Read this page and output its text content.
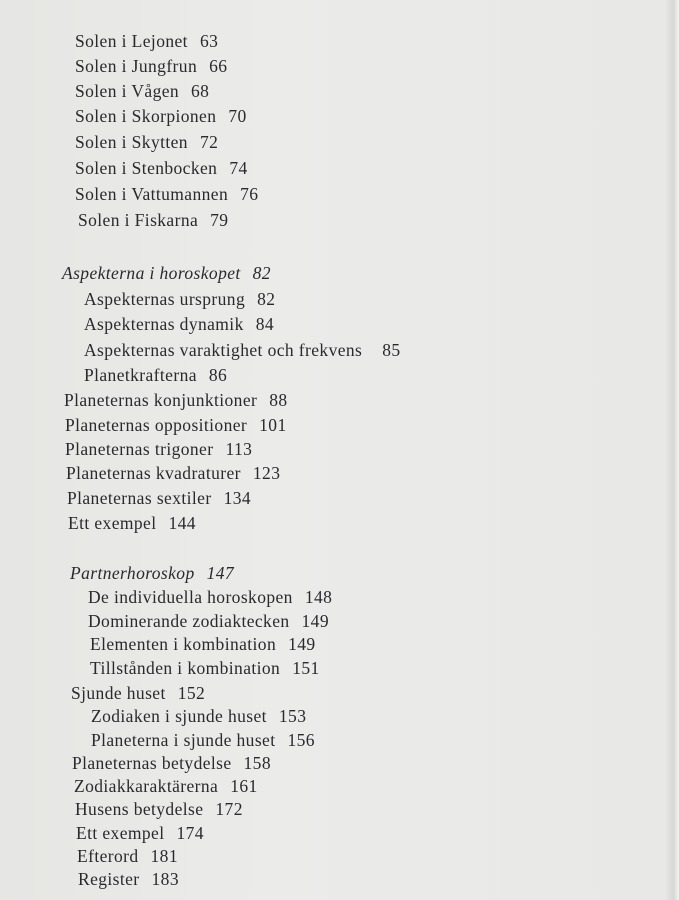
Solen i Lejonet 63
Solen i Jungfrun 66
Solen i Vågen 68
Solen i Skorpionen 70
Solen i Skytten 72
Solen i Stenbocken 74
Solen i Vattumannen 76
Solen i Fiskarna 79
Aspekterna i horoskopet 82
Aspekternas ursprung 82
Aspekternas dynamik 84
Aspekternas varaktighet och frekvens 85
Planetkrafterna 86
Planeternas konjunktioner 88
Planeternas oppositioner 101
Planeternas trigoner 113
Planeternas kvadraturer 123
Planeternas sextiler 134
Ett exempel 144
Partnerhoroskop 147
De individuella horoskopen 148
Dominerande zodiaktecken 149
Elementen i kombination 149
Tillstånden i kombination 151
Sjunde huset 152
Zodiaken i sjunde huset 153
Planeterna i sjunde huset 156
Planeternas betydelse 158
Zodiakkaraktärerna 161
Husens betydelse 172
Ett exempel 174
Efterord 181
Register 183
